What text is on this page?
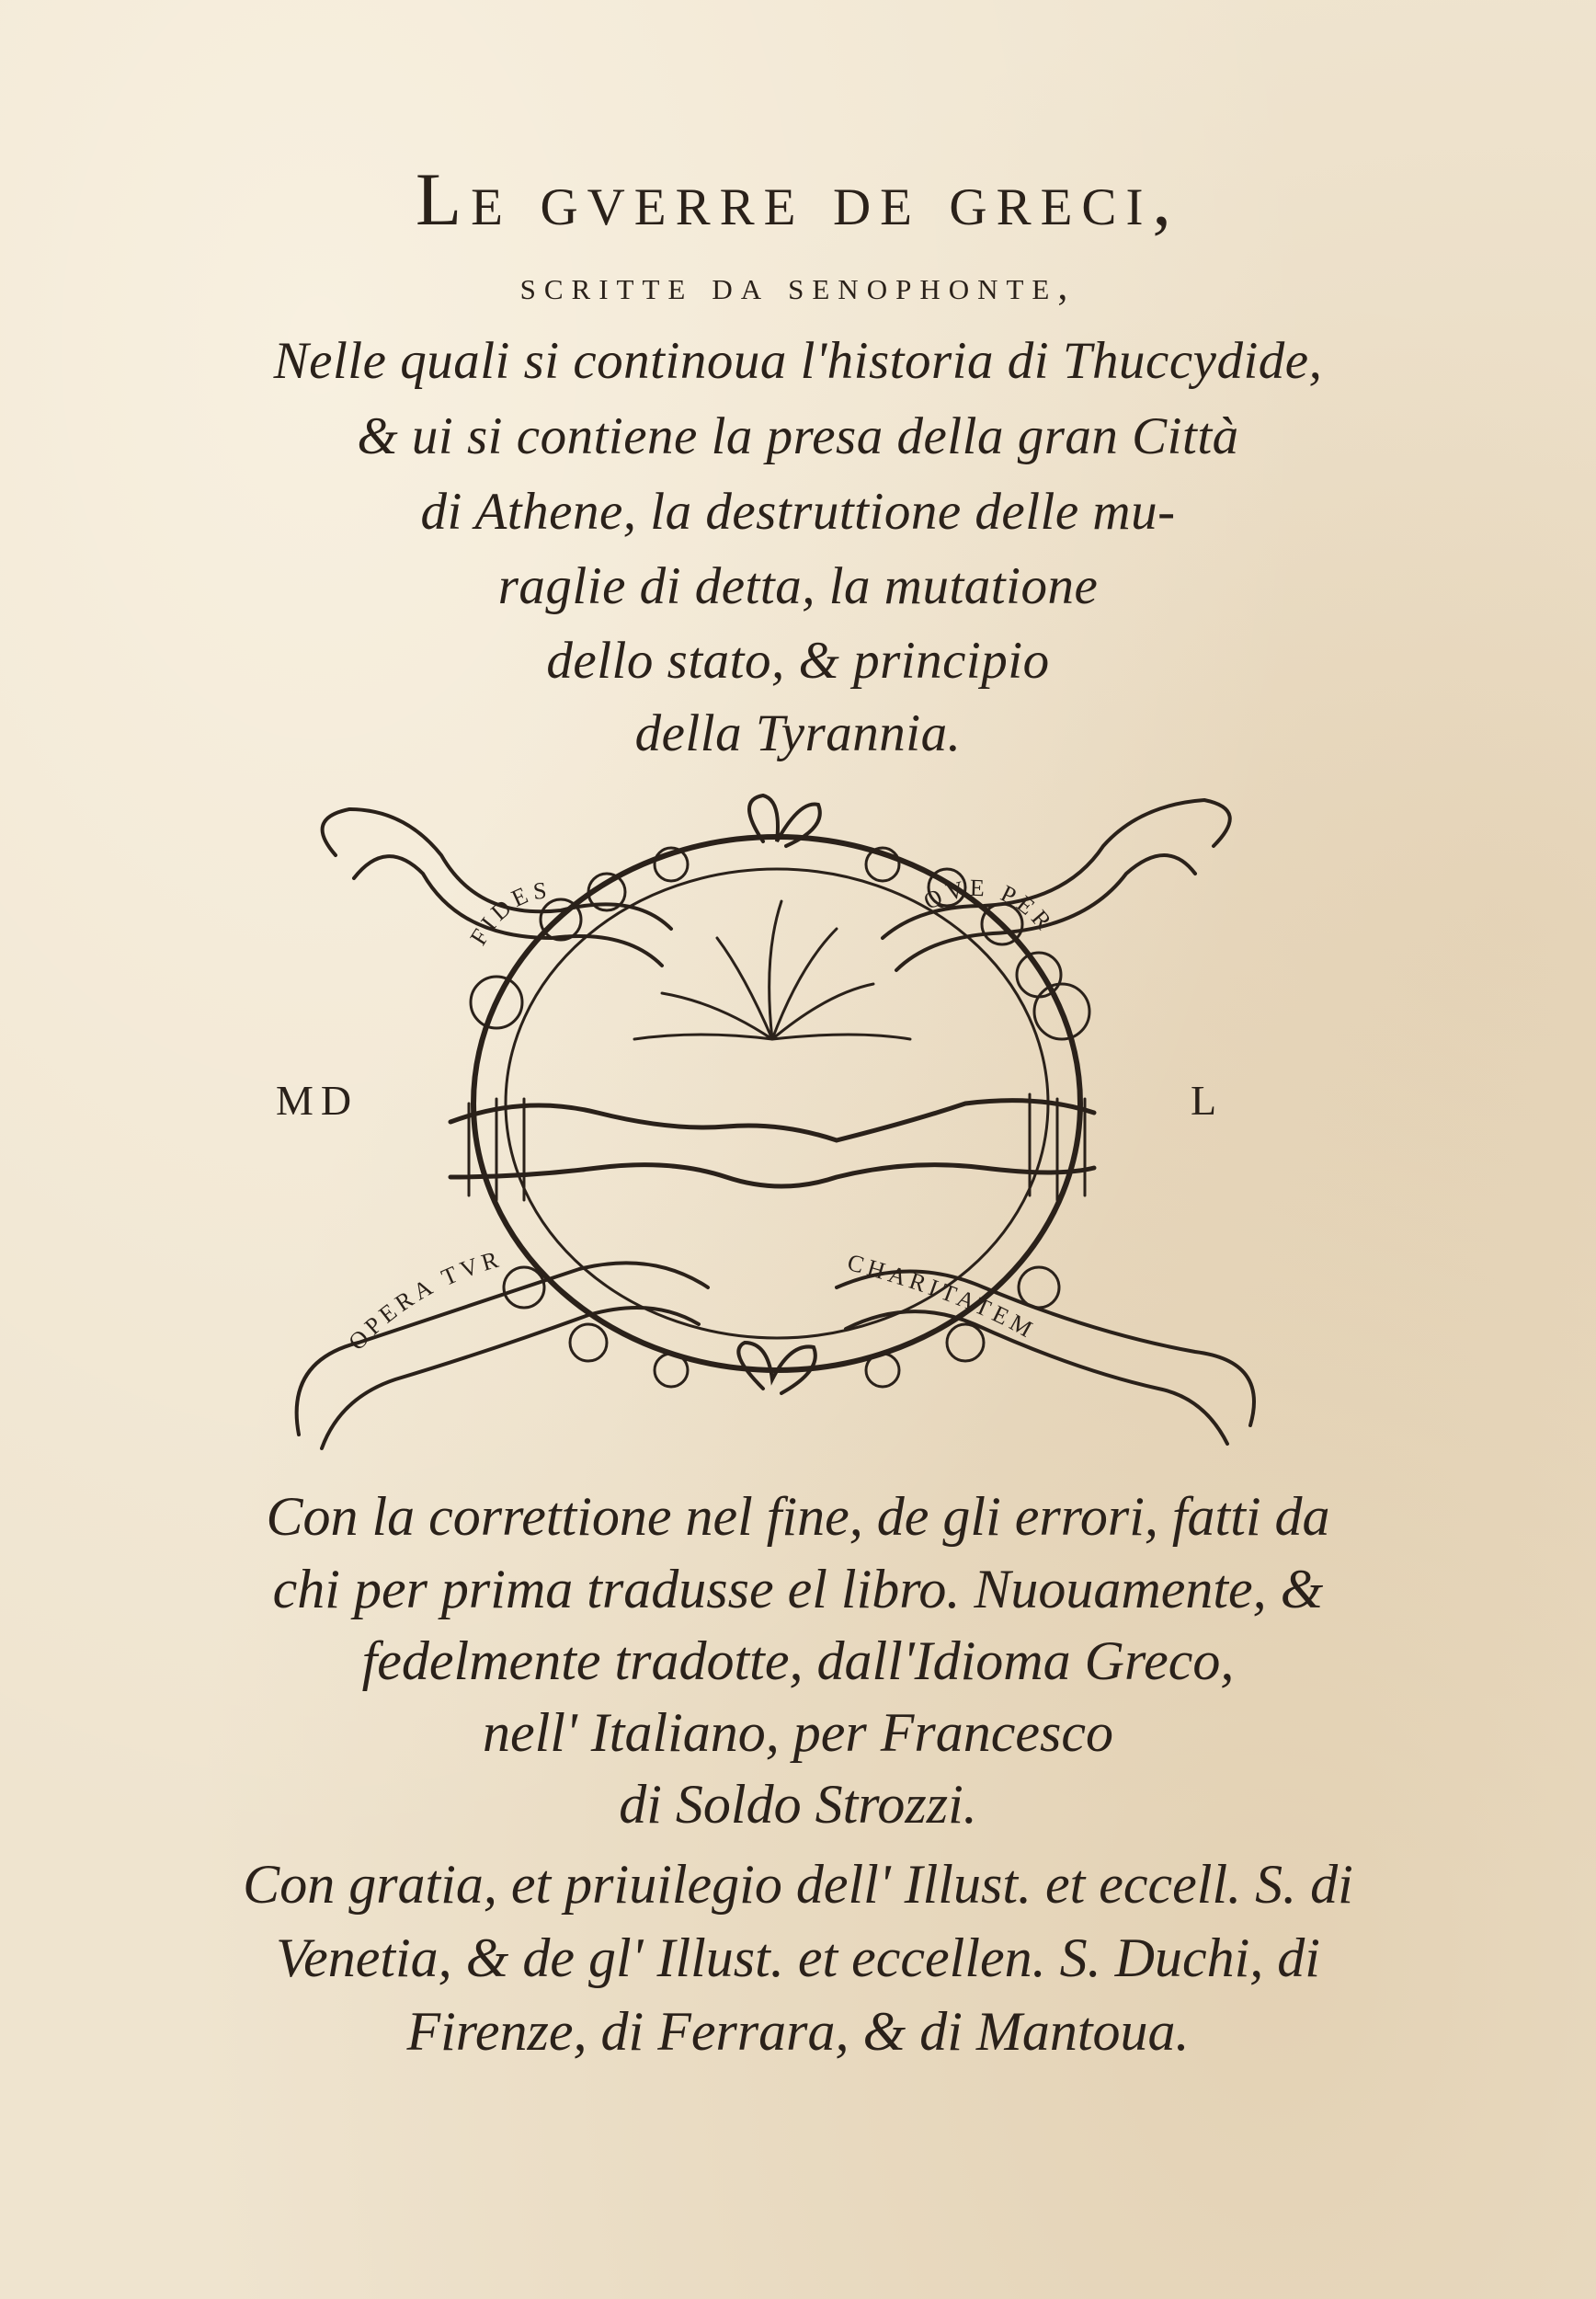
Le gverre de greci,
scritte da senophonte,
Nelle quali si continoua l'historia di Thuccydide,
& ui si contiene la presa della gran Città
di Athene, la destruttione delle mu-
raglie di detta, la mutatione
dello stato, & principio
della Tyrannia.
MD	L
FIDES	QVE PER
OPERA TVR	CHARITATEM
Con la correttione nel fine, de gli errori, fatti da
chi per prima tradusse el libro. Nuouamente, &
fedelmente tradotte, dall'Idioma Greco,
nell' Italiano, per Francesco
di Soldo Strozzi.
Con gratia, et priuilegio dell' Illust. et eccell. S. di
Venetia, & de gl' Illust. et eccellen. S. Duchi, di
Firenze, di Ferrara, & di Mantoua.
